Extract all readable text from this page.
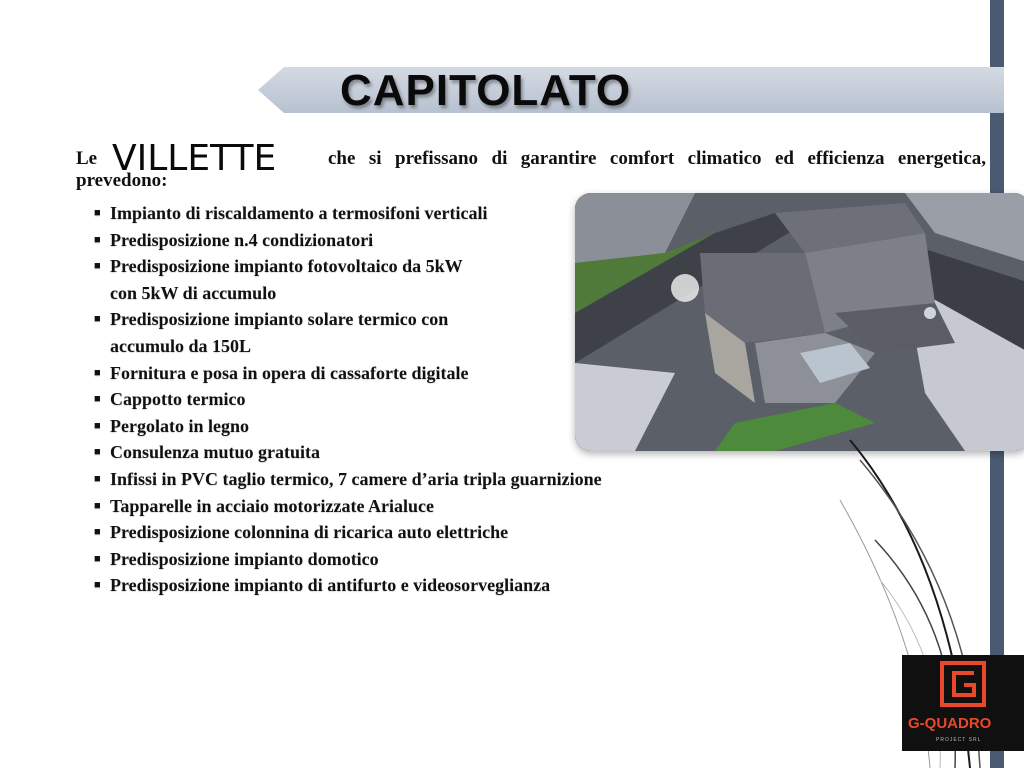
CAPITOLATO
Le VILLETTE	che si prefissano di garantire comfort climatico ed efficienza energetica,
prevedono:
■ Impianto di riscaldamento a termosifoni verticali
■ Predisposizione n.4 condizionatori
■ Predisposizione impianto fotovoltaico da 5kW
con 5kW di accumulo
■ Predisposizione impianto solare termico con
accumulo da 150L
■ Fornitura e posa in opera di cassaforte digitale
■ Cappotto termico
■ Pergolato in legno
■ Consulenza mutuo gratuita
■ Infissi in PVC taglio termico, 7 camere d’aria tripla guarnizione
■ Tapparelle in acciaio motorizzate Arialuce
■ Predisposizione colonnina di ricarica auto elettriche
■ Predisposizione impianto domotico
■ Predisposizione impianto di antifurto e videosorveglianza
G-QUADRO
PROJECT SRL
